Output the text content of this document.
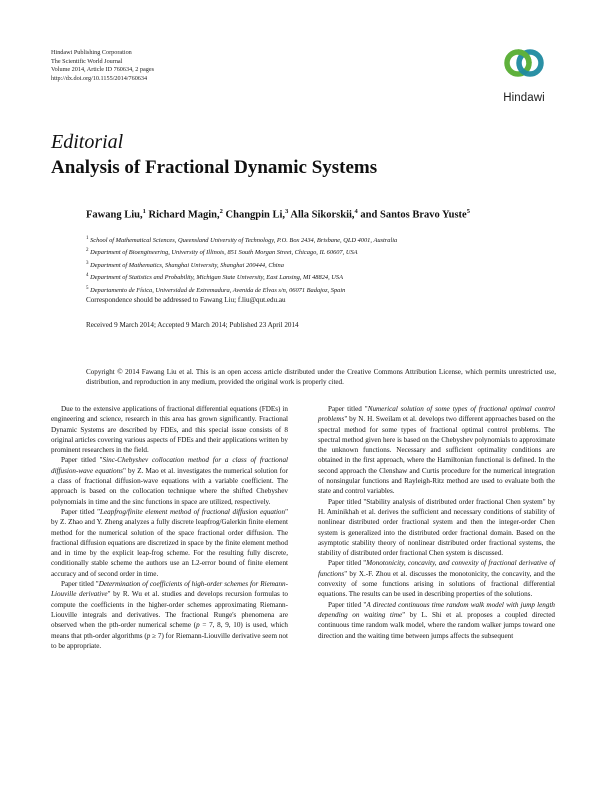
Hindawi Publishing Corporation
The Scientific World Journal
Volume 2014, Article ID 760634, 2 pages
http://dx.doi.org/10.1155/2014/760634
Hindawi
Editorial
Analysis of Fractional Dynamic Systems
Fawang Liu,$^1$ Richard Magin,$^2$ Changpin Li,$^3$ Alla Sikorskii,$^4$ and Santos Bravo Yuste$^5$
$^1$ School of Mathematical Sciences, Queensland University of Technology, P.O. Box 2434, Brisbane, QLD 4001, Australia
$^2$ Department of Bioengineering, University of Illinois, 851 South Morgan Street, Chicago, IL 60607, USA
$^3$ Department of Mathematics, Shanghai University, Shanghai 200444, China
$^4$ Department of Statistics and Probability, Michigan State University, East Lansing, MI 48824, USA
$^5$ Departamento de Física, Universidad de Extremadura, Avenida de Elvas s/n, 06071 Badajoz, Spain
Correspondence should be addressed to Fawang Liu; f.liu@qut.edu.au
Received 9 March 2014; Accepted 9 March 2014; Published 23 April 2014
Copyright © 2014 Fawang Liu et al. This is an open access article distributed under the Creative Commons Attribution License, which permits unrestricted use, distribution, and reproduction in any medium, provided the original work is properly cited.

Due to the extensive applications of fractional differential equations (FDEs) in engineering and science, research in this area has grown significantly. Fractional Dynamic Systems are described by FDEs, and this special issue consists of 8 original articles covering various aspects of FDEs and their applications written by prominent researchers in the field.

Paper titled "Sinc-Chebyshev collocation method for a class of fractional diffusion-wave equations" by Z. Mao et al. investigates the numerical solution for a class of fractional diffusion-wave equations with a variable coefficient. The approach is based on the collocation technique where the shifted Chebyshev polynomials in time and the sinc functions in space are utilized, respectively.

Paper titled "Leapfrog/finite element method of fractional diffusion equation" by Z. Zhao and Y. Zheng analyzes a fully discrete leapfrog/Galerkin finite element method for the numerical solution of the space fractional order diffusion. The fractional diffusion equations are discretized in space by the finite element method and in time by the explicit leap-frog scheme. For the resulting fully discrete, conditionally stable scheme the authors use an L2-error bound of finite element accuracy and of second order in time.

Paper titled "Determination of coefficients of high-order schemes for Riemann-Liouville derivative" by R. Wu et al. studies and develops recursion formulas to compute the coefficients in the higher-order schemes approximating Riemann-Liouville integrals and derivatives. The fractional Runge's phenomena are observed when the pth-order numerical scheme (p = 7, 8, 9, 10) is used, which means that pth-order algorithms (p ≥ 7) for Riemann-Liouville derivative seem not to be appropriate.

Paper titled "Numerical solution of some types of fractional optimal control problems" by N. H. Sweilam et al. develops two different approaches based on the spectral method for some types of fractional optimal control problems. The spectral method given here is based on the Chebyshev polynomials to approximate the unknown functions. Necessary and sufficient optimality conditions are obtained in the first approach, where the Hamiltonian functional is defined. In the second approach the Clenshaw and Curtis procedure for the numerical integration of nonsingular functions and Rayleigh-Ritz method are used to evaluate both the state and control variables.

Paper titled "Stability analysis of distributed order fractional Chen system" by H. Aminikhah et al. derives the sufficient and necessary conditions of stability of nonlinear distributed order fractional system and then the integer-order Chen system is generalized into the distributed order fractional domain. Based on the asymptotic stability theory of nonlinear distributed order fractional systems, the stability of distributed order fractional Chen system is discussed.

Paper titled "Monotonicity, concavity, and convexity of fractional derivative of functions" by X.-F. Zhou et al. discusses the monotonicity, the concavity, and the convexity of some functions arising in solutions of fractional differential equations. The results can be used in describing properties of the solutions.

Paper titled "A directed continuous time random walk model with jump length depending on waiting time" by L. Shi et al. proposes a coupled directed continuous time random walk model, where the random walker jumps toward one direction and the waiting time between jumps affects the subsequent
